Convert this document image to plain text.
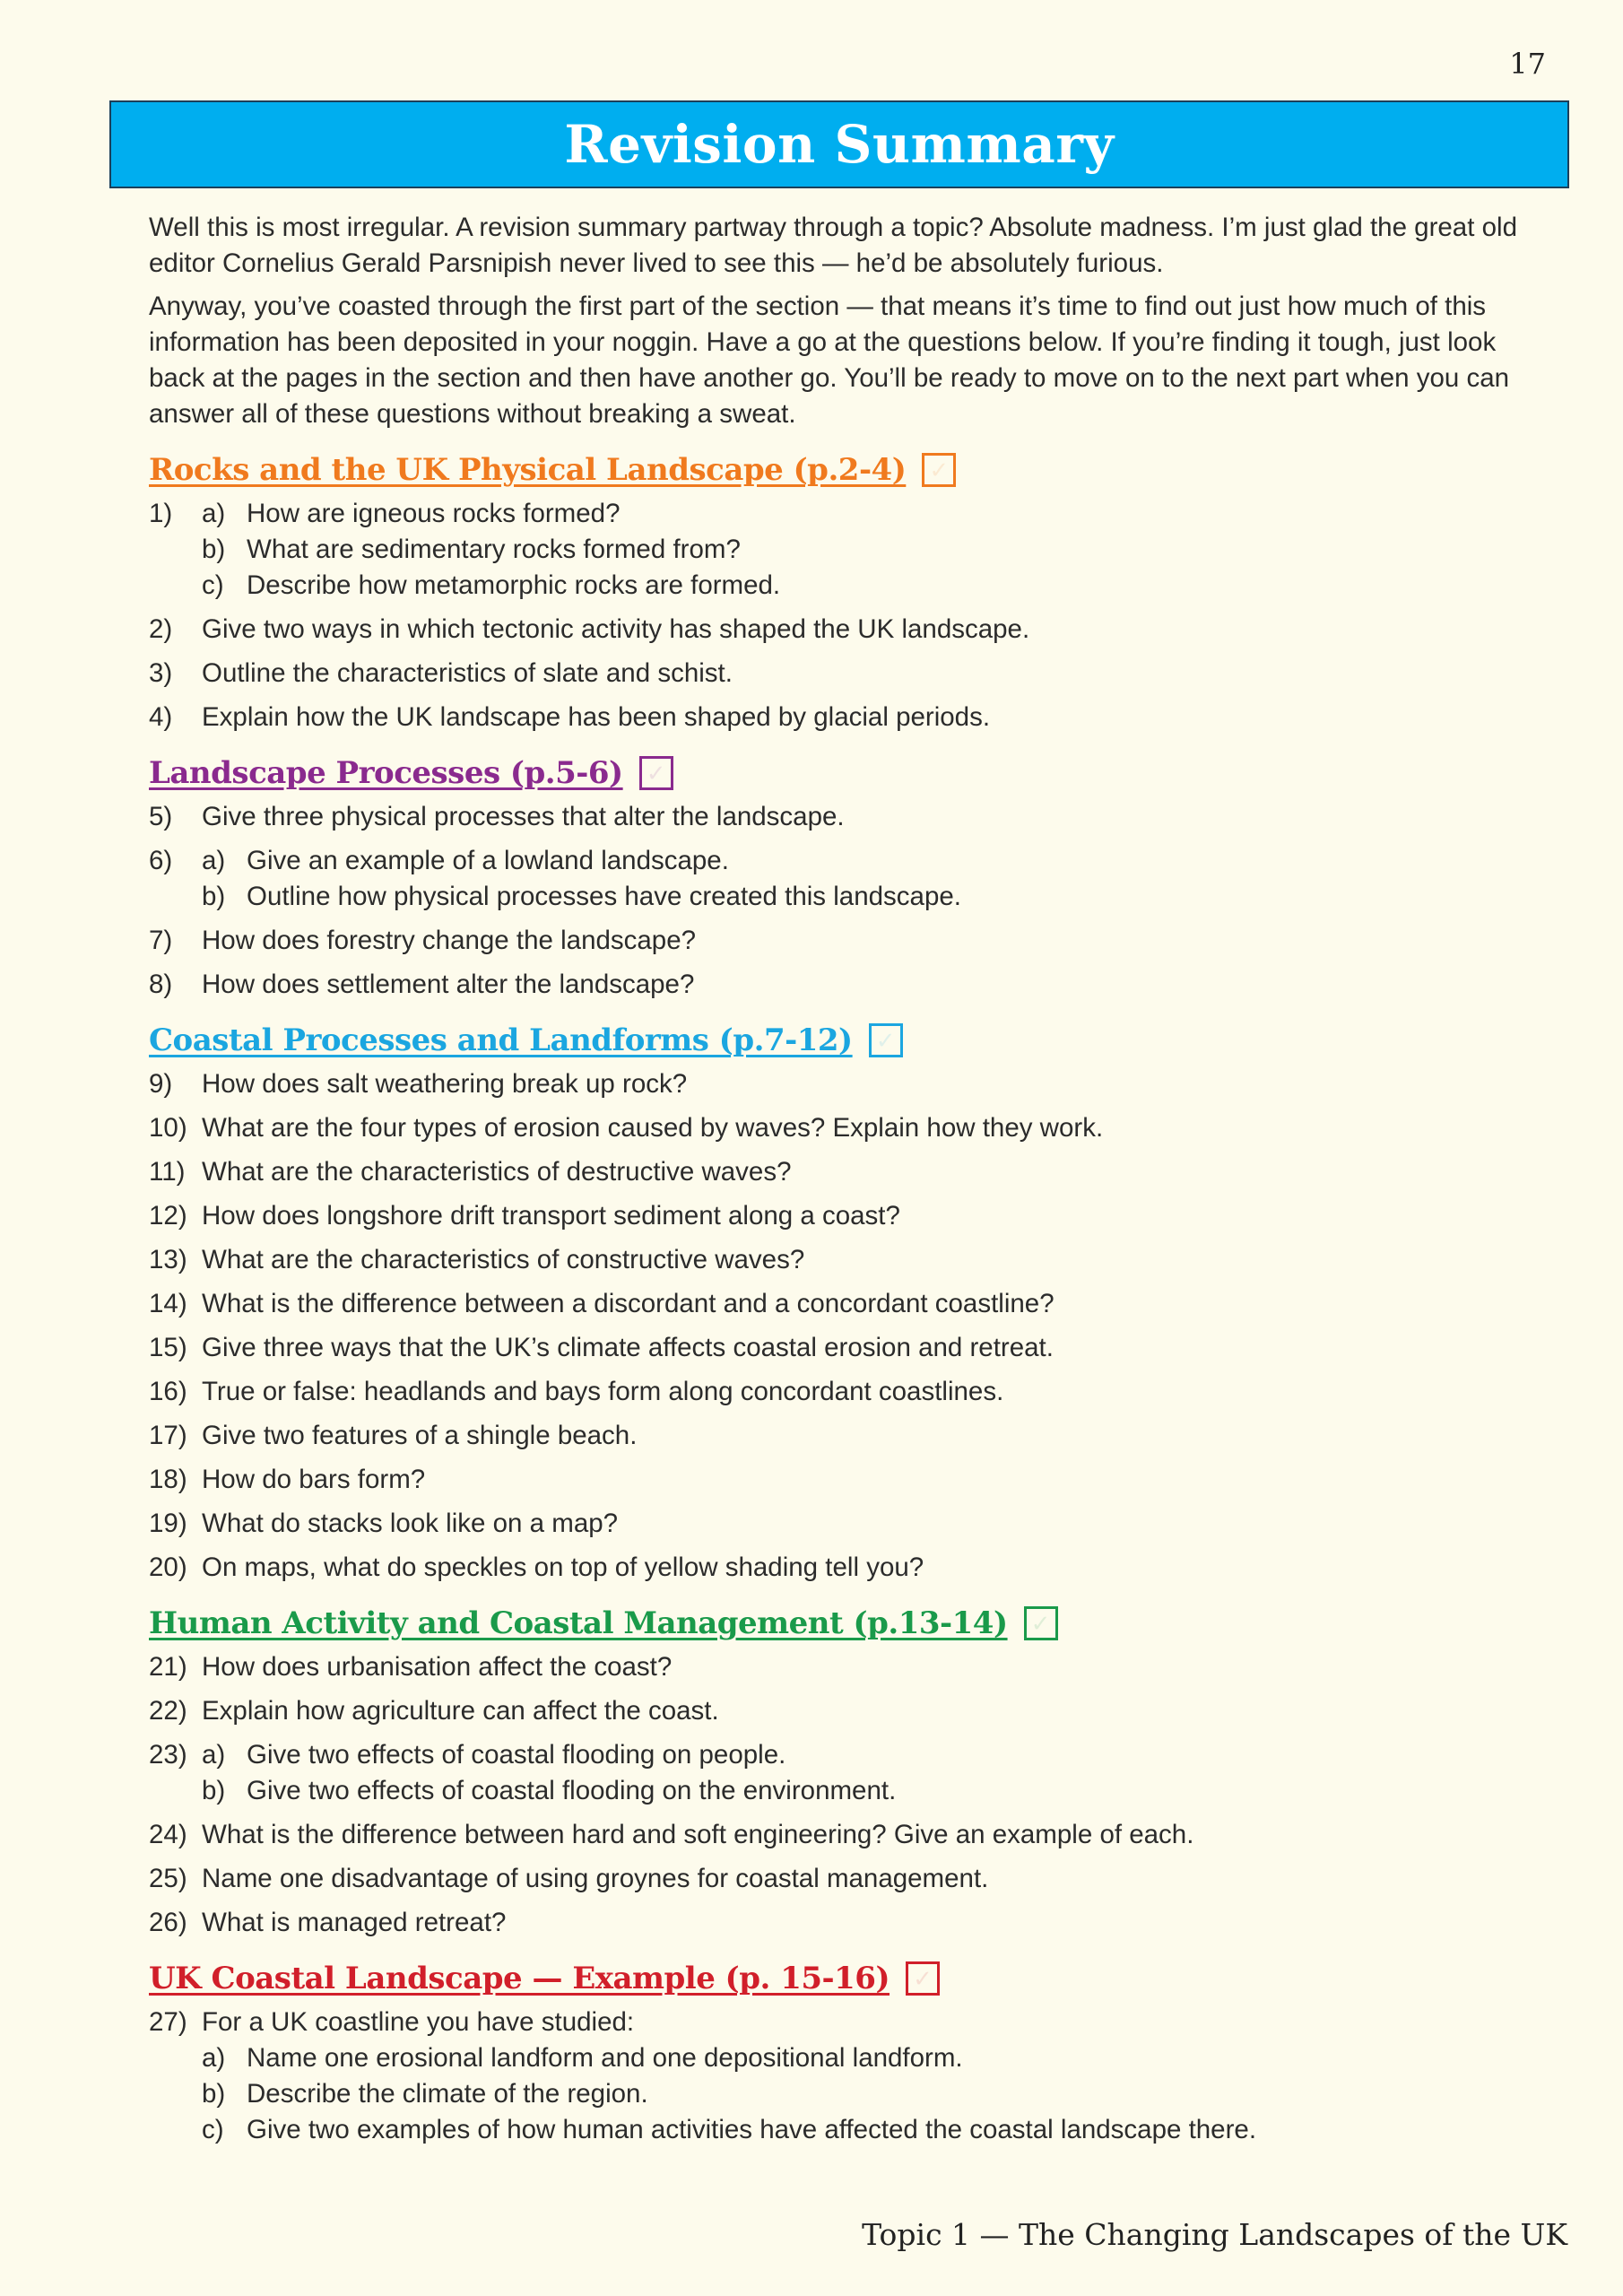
17
Revision Summary

Well this is most irregular. A revision summary partway through a topic? Absolute madness. I’m just glad the great old editor Cornelius Gerald Parsnipish never lived to see this — he’d be absolutely furious.

Anyway, you’ve coasted through the first part of the section — that means it’s time to find out just how much of this information has been deposited in your noggin. Have a go at the questions below. If you’re finding it tough, just look back at the pages in the section and then have another go. You’ll be ready to move on to the next part when you can answer all of these questions without breaking a sweat.

Rocks and the UK Physical Landscape (p.2-4) ✓
1)	a) How are igneous rocks formed?
b) What are sedimentary rocks formed from?
c) Describe how metamorphic rocks are formed.
2)	Give two ways in which tectonic activity has shaped the UK landscape.
3)	Outline the characteristics of slate and schist.
4)	Explain how the UK landscape has been shaped by glacial periods.
Landscape Processes (p.5-6) ✓
5)	Give three physical processes that alter the landscape.
6)	a) Give an example of a lowland landscape.
b) Outline how physical processes have created this landscape.
7)	How does forestry change the landscape?
8)	How does settlement alter the landscape?
Coastal Processes and Landforms (p.7-12) ✓
9)	How does salt weathering break up rock?
10) What are the four types of erosion caused by waves? Explain how they work.
11) What are the characteristics of destructive waves?
12) How does longshore drift transport sediment along a coast?
13) What are the characteristics of constructive waves?
14) What is the difference between a discordant and a concordant coastline?
15) Give three ways that the UK’s climate affects coastal erosion and retreat.
16) True or false: headlands and bays form along concordant coastlines.
17) Give two features of a shingle beach.
18) How do bars form?
19) What do stacks look like on a map?
20) On maps, what do speckles on top of yellow shading tell you?
Human Activity and Coastal Management (p.13-14) ✓
21) How does urbanisation affect the coast?
22) Explain how agriculture can affect the coast.
23) a) Give two effects of coastal flooding on people.
b) Give two effects of coastal flooding on the environment.
24) What is the difference between hard and soft engineering? Give an example of each.
25) Name one disadvantage of using groynes for coastal management.
26) What is managed retreat?
UK Coastal Landscape — Example (p. 15-16) ✓
27) For a UK coastline you have studied:
a) Name one erosional landform and one depositional landform.
b) Describe the climate of the region.
c) Give two examples of how human activities have affected the coastal landscape there.
Topic 1 — The Changing Landscapes of the UK
